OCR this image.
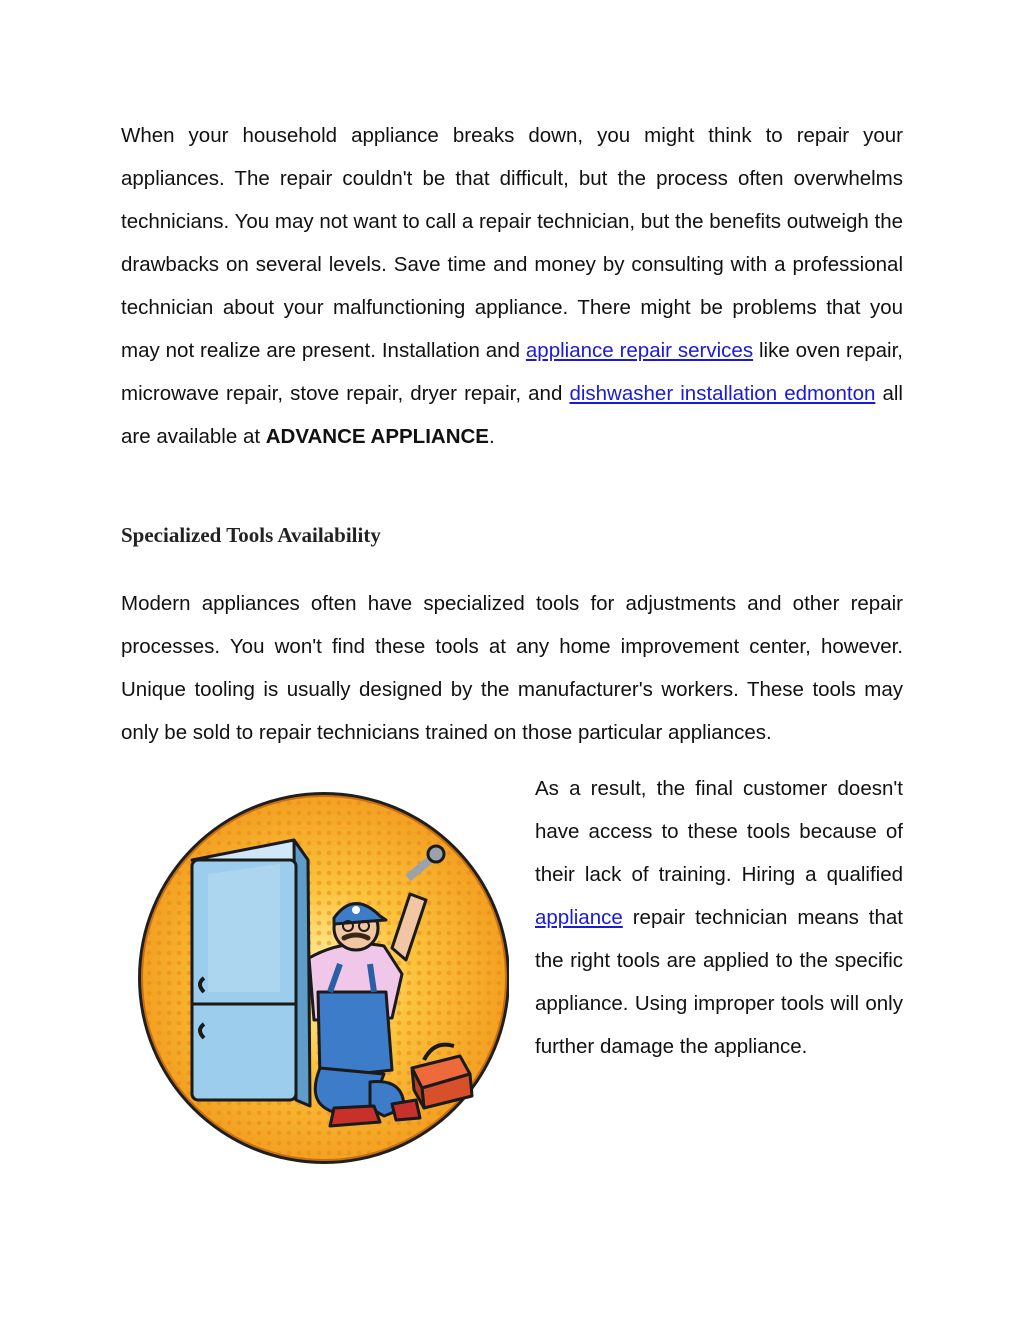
When your household appliance breaks down, you might think to repair your appliances. The repair couldn't be that difficult, but the process often overwhelms technicians. You may not want to call a repair technician, but the benefits outweigh the drawbacks on several levels. Save time and money by consulting with a professional technician about your malfunctioning appliance. There might be problems that you may not realize are present. Installation and appliance repair services like oven repair, microwave repair, stove repair, dryer repair, and dishwasher installation edmonton all are available at ADVANCE APPLIANCE.

Specialized Tools Availability

Modern appliances often have specialized tools for adjustments and other repair processes. You won't find these tools at any home improvement center, however. Unique tooling is usually designed by the manufacturer's workers. These tools may only be sold to repair technicians trained on those particular appliances.

As a result, the final customer doesn't have access to these tools because of their lack of training. Hiring a qualified appliance repair technician means that the right tools are applied to the specific appliance. Using improper tools will only further damage the appliance.
